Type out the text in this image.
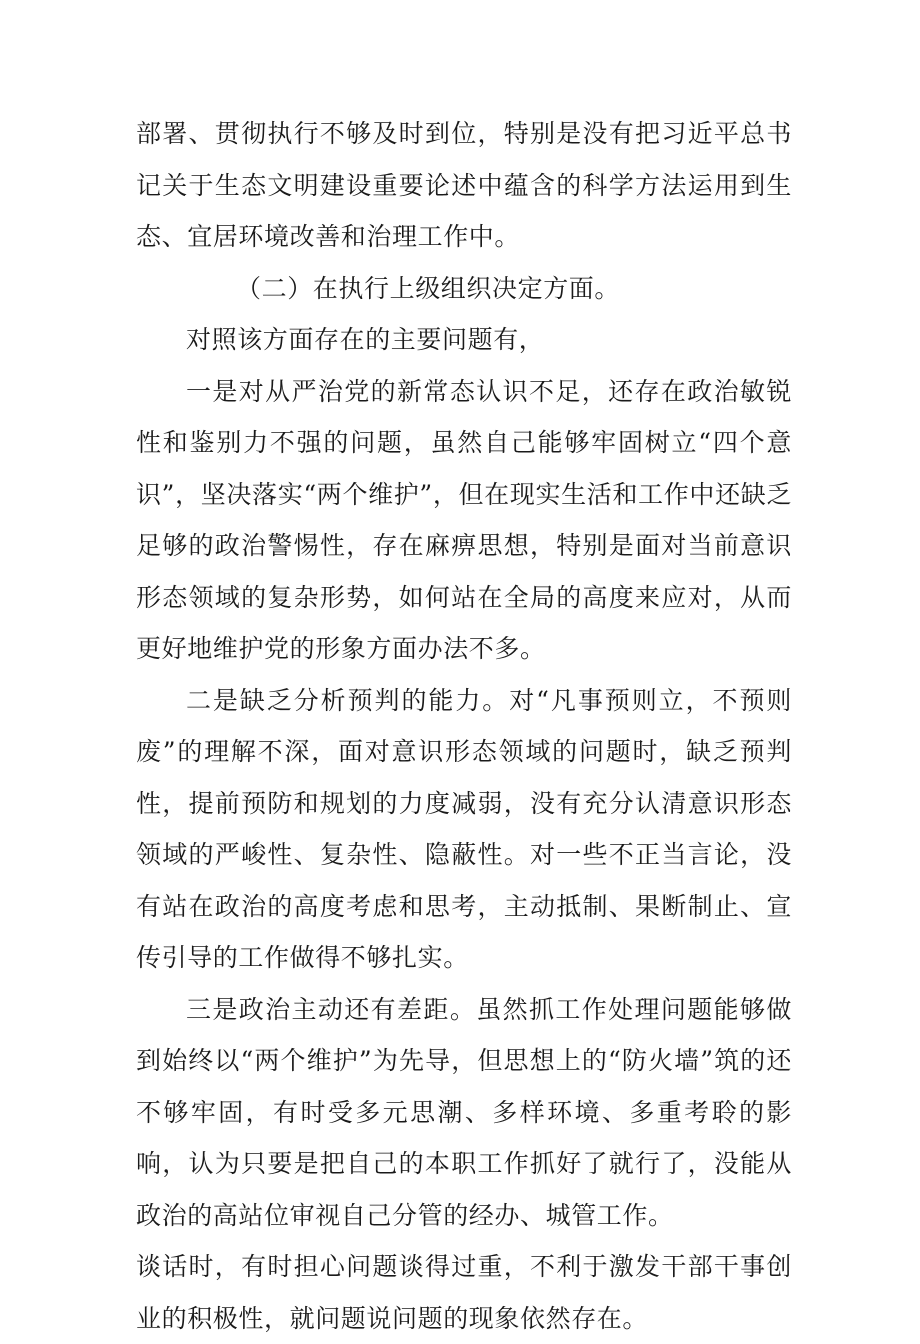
部署、贯彻执行不够及时到位，特别是没有把习近平总书记关于生态文明建设重要论述中蕴含的科学方法运用到生态、宜居环境改善和治理工作中。

（二）在执行上级组织决定方面。

对照该方面存在的主要问题有，

一是对从严治党的新常态认识不足，还存在政治敏锐性和鉴别力不强的问题，虽然自己能够牢固树立“四个意识”，坚决落实“两个维护”，但在现实生活和工作中还缺乏足够的政治警惕性，存在麻痹思想，特别是面对当前意识形态领域的复杂形势，如何站在全局的高度来应对，从而更好地维护党的形象方面办法不多。

二是缺乏分析预判的能力。对“凡事预则立，不预则废”的理解不深，面对意识形态领域的问题时，缺乏预判性，提前预防和规划的力度减弱，没有充分认清意识形态领域的严峻性、复杂性、隐蔽性。对一些不正当言论，没有站在政治的高度考虑和思考，主动抵制、果断制止、宣传引导的工作做得不够扎实。

三是政治主动还有差距。虽然抓工作处理问题能够做到始终以“两个维护”为先导，但思想上的“防火墙”筑的还不够牢固，有时受多元思潮、多样环境、多重考聆的影响，认为只要是把自己的本职工作抓好了就行了，没能从政治的高站位审视自己分管的经办、城管工作。

谈话时，有时担心问题谈得过重，不利于激发干部干事创业的积极性，就问题说问题的现象依然存在。
